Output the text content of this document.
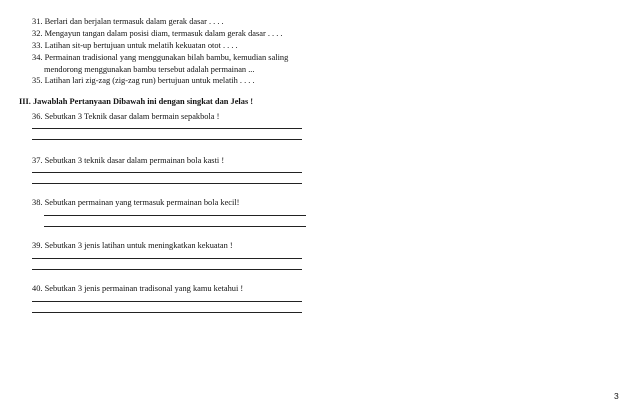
31. Berlari dan berjalan termasuk dalam gerak dasar . . . .
32. Mengayun tangan dalam posisi diam, termasuk dalam gerak dasar . . . .
33. Latihan sit-up bertujuan untuk melatih kekuatan otot . . . .
34. Permainan tradisional yang menggunakan bilah bambu, kemudian saling
mendorong menggunakan bambu tersebut adalah permainan ...
35. Latihan lari zig-zag (zig-zag run) bertujuan untuk melatih . . . .
III. Jawablah Pertanyaan Dibawah ini dengan singkat dan Jelas !
36. Sebutkan 3 Teknik dasar dalam bermain sepakbola !
37. Sebutkan 3 teknik dasar dalam permainan bola kasti !
38. Sebutkan permainan yang termasuk permainan bola kecil!
39. Sebutkan 3 jenis latihan untuk meningkatkan kekuatan !
40. Sebutkan 3 jenis permainan tradisonal yang kamu ketahui !
3
